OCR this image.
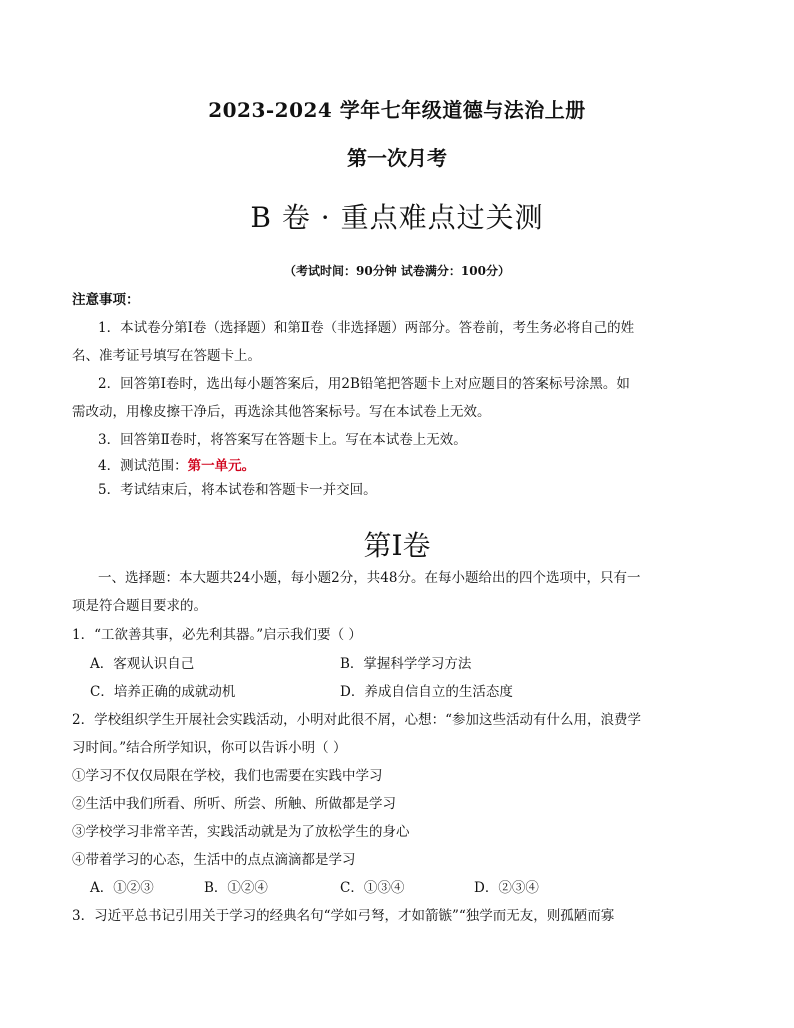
2023-2024 学年七年级道德与法治上册
第一次月考
B 卷 · 重点难点过关测
（考试时间：90分钟 试卷满分：100分）
注意事项：
1．本试卷分第Ⅰ卷（选择题）和第Ⅱ卷（非选择题）两部分。答卷前，考生务必将自己的姓
名、准考证号填写在答题卡上。
2．回答第Ⅰ卷时，选出每小题答案后，用2B铅笔把答题卡上对应题目的答案标号涂黑。如
需改动，用橡皮擦干净后，再选涂其他答案标号。写在本试卷上无效。
3．回答第Ⅱ卷时，将答案写在答题卡上。写在本试卷上无效。
4．测试范围：第一单元。
5．考试结束后，将本试卷和答题卡一并交回。
第Ⅰ卷
一、选择题：本大题共24小题，每小题2分，共48分。在每小题给出的四个选项中，只有一
项是符合题目要求的。
1．“工欲善其事，必先利其器。”启示我们要（ ）
A．客观认识自己	B．掌握科学学习方法
C．培养正确的成就动机	D．养成自信自立的生活态度
2．学校组织学生开展社会实践活动，小明对此很不屑，心想：“参加这些活动有什么用，浪费学
习时间。”结合所学知识，你可以告诉小明（ ）
①学习不仅仅局限在学校，我们也需要在实践中学习
②生活中我们所看、所听、所尝、所触、所做都是学习
③学校学习非常辛苦，实践活动就是为了放松学生的身心
④带着学习的心态，生活中的点点滴滴都是学习
A．①②③	B．①②④	C．①③④	D．②③④
3．习近平总书记引用关于学习的经典名句“学如弓弩，才如箭镞”“独学而无友，则孤陋而寡
